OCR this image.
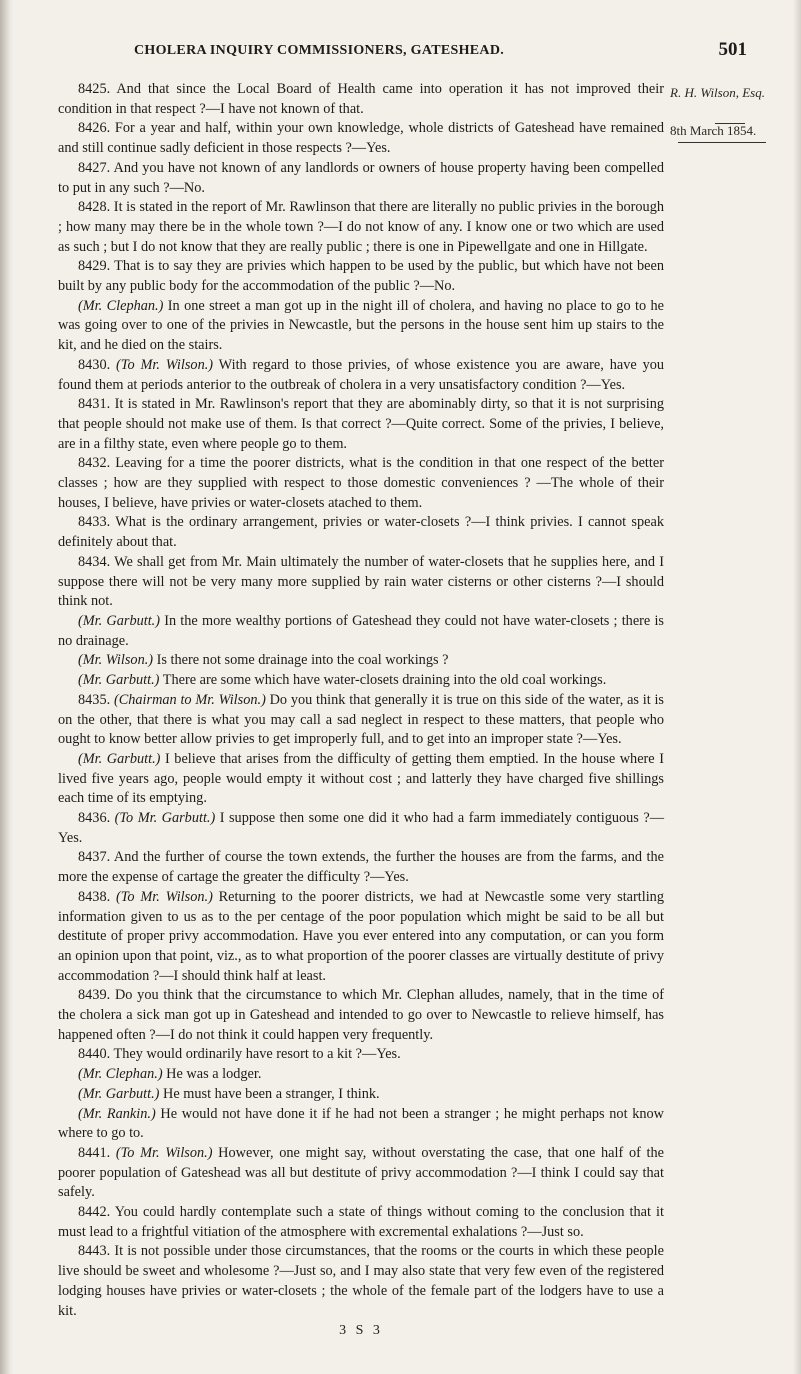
CHOLERA INQUIRY COMMISSIONERS, GATESHEAD.	501
R. H. Wilson, Esq.
8th March 1854.

8425. And that since the Local Board of Health came into operation it has not improved their condition in that respect ?—I have not known of that.

8426. For a year and half, within your own knowledge, whole districts of Gateshead have remained and still continue sadly deficient in those respects ?—Yes.

8427. And you have not known of any landlords or owners of house property having been compelled to put in any such ?—No.

8428. It is stated in the report of Mr. Rawlinson that there are literally no public privies in the borough ; how many may there be in the whole town ?—I do not know of any. I know one or two which are used as such ; but I do not know that they are really public ; there is one in Pipewellgate and one in Hillgate.

8429. That is to say they are privies which happen to be used by the public, but which have not been built by any public body for the accommodation of the public ?—No.

(Mr. Clephan.) In one street a man got up in the night ill of cholera, and having no place to go to he was going over to one of the privies in Newcastle, but the persons in the house sent him up stairs to the kit, and he died on the stairs.

8430. (To Mr. Wilson.) With regard to those privies, of whose existence you are aware, have you found them at periods anterior to the outbreak of cholera in a very unsatisfactory condition ?—Yes.

8431. It is stated in Mr. Rawlinson's report that they are abominably dirty, so that it is not surprising that people should not make use of them. Is that correct ?—Quite correct. Some of the privies, I believe, are in a filthy state, even where people go to them.

8432. Leaving for a time the poorer districts, what is the condition in that one respect of the better classes ; how are they supplied with respect to those domestic conveniences ? —The whole of their houses, I believe, have privies or water-closets atached to them.

8433. What is the ordinary arrangement, privies or water-closets ?—I think privies. I cannot speak definitely about that.

8434. We shall get from Mr. Main ultimately the number of water-closets that he supplies here, and I suppose there will not be very many more supplied by rain water cisterns or other cisterns ?—I should think not.

(Mr. Garbutt.) In the more wealthy portions of Gateshead they could not have water-closets ; there is no drainage.

(Mr. Wilson.) Is there not some drainage into the coal workings ?

(Mr. Garbutt.) There are some which have water-closets draining into the old coal workings.

8435. (Chairman to Mr. Wilson.) Do you think that generally it is true on this side of the water, as it is on the other, that there is what you may call a sad neglect in respect to these matters, that people who ought to know better allow privies to get improperly full, and to get into an improper state ?—Yes.

(Mr. Garbutt.) I believe that arises from the difficulty of getting them emptied. In the house where I lived five years ago, people would empty it without cost ; and latterly they have charged five shillings each time of its emptying.

8436. (To Mr. Garbutt.) I suppose then some one did it who had a farm immediately contiguous ?—Yes.

8437. And the further of course the town extends, the further the houses are from the farms, and the more the expense of cartage the greater the difficulty ?—Yes.

8438. (To Mr. Wilson.) Returning to the poorer districts, we had at Newcastle some very startling information given to us as to the per centage of the poor population which might be said to be all but destitute of proper privy accommodation. Have you ever entered into any computation, or can you form an opinion upon that point, viz., as to what proportion of the poorer classes are virtually destitute of privy accommodation ?—I should think half at least.

8439. Do you think that the circumstance to which Mr. Clephan alludes, namely, that in the time of the cholera a sick man got up in Gateshead and intended to go over to Newcastle to relieve himself, has happened often ?—I do not think it could happen very frequently.

8440. They would ordinarily have resort to a kit ?—Yes.

(Mr. Clephan.) He was a lodger.

(Mr. Garbutt.) He must have been a stranger, I think.

(Mr. Rankin.) He would not have done it if he had not been a stranger ; he might perhaps not know where to go to.

8441. (To Mr. Wilson.) However, one might say, without overstating the case, that one half of the poorer population of Gateshead was all but destitute of privy accommodation ?—I think I could say that safely.

8442. You could hardly contemplate such a state of things without coming to the conclusion that it must lead to a frightful vitiation of the atmosphere with excremental exhalations ?—Just so.

8443. It is not possible under those circumstances, that the rooms or the courts in which these people live should be sweet and wholesome ?—Just so, and I may also state that very few even of the registered lodging houses have privies or water-closets ; the whole of the female part of the lodgers have to use a kit.

3 S 3
